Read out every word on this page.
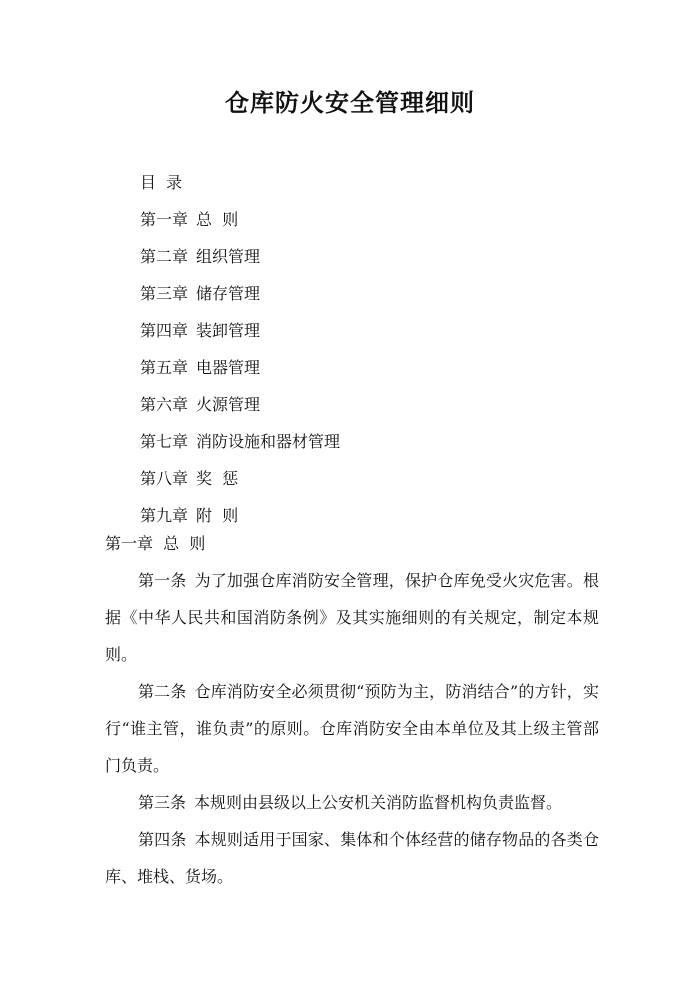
仓库防火安全管理细则
目  录
第一章 总  则
第二章 组织管理
第三章 储存管理
第四章 装卸管理
第五章 电器管理
第六章 火源管理
第七章 消防设施和器材管理
第八章 奖  惩
第九章 附  则
第一章  总  则

第一条 为了加强仓库消防安全管理，保护仓库免受火灾危害。根据《中华人民共和国消防条例》及其实施细则的有关规定，制定本规则。

第二条 仓库消防安全必须贯彻“预防为主，防消结合”的方针，实行“谁主管，谁负责”的原则。仓库消防安全由本单位及其上级主管部门负责。

第三条 本规则由县级以上公安机关消防监督机构负责监督。

第四条 本规则适用于国家、集体和个体经营的储存物品的各类仓库、堆栈、货场。
